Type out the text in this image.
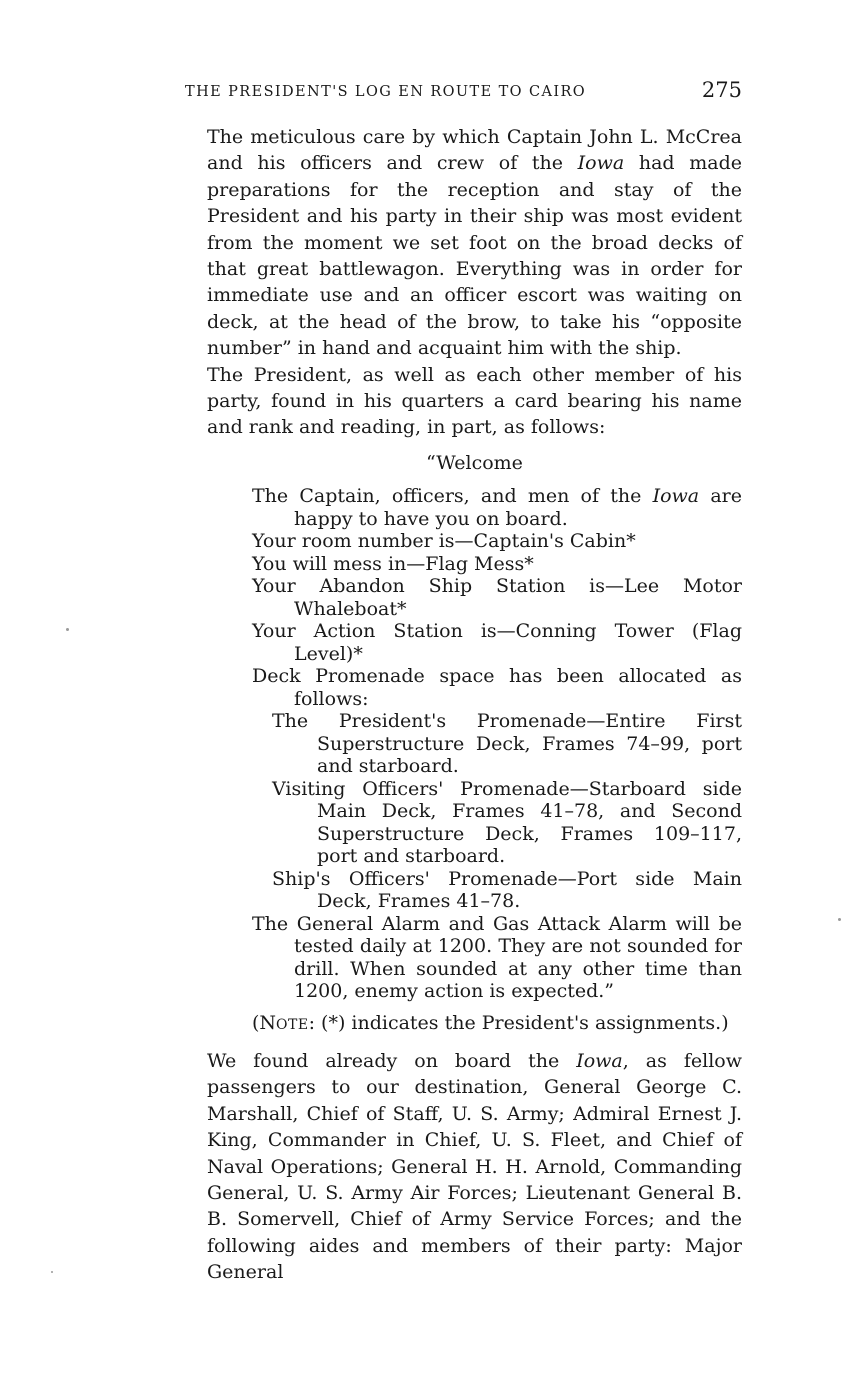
THE PRESIDENT'S LOG EN ROUTE TO CAIRO	275

The meticulous care by which Captain John L. McCrea and his officers and crew of the Iowa had made preparations for the reception and stay of the President and his party in their ship was most evident from the moment we set foot on the broad decks of that great battlewagon. Everything was in order for immediate use and an officer escort was waiting on deck, at the head of the brow, to take his “opposite number” in hand and acquaint him with the ship.

The President, as well as each other member of his party, found in his quarters a card bearing his name and rank and reading, in part, as follows:

“Welcome

The Captain, officers, and men of the Iowa are happy to have you on board.

Your room number is—Captain's Cabin*

You will mess in—Flag Mess*

Your Abandon Ship Station is—Lee Motor Whaleboat*

Your Action Station is—Conning Tower (Flag Level)*

Deck Promenade space has been allocated as follows:

The President's Promenade—Entire First Superstructure Deck, Frames 74–99, port and starboard.

Visiting Officers' Promenade—Starboard side Main Deck, Frames 41–78, and Second Superstructure Deck, Frames 109–117, port and starboard.

Ship's Officers' Promenade—Port side Main Deck, Frames 41–78.

The General Alarm and Gas Attack Alarm will be tested daily at 1200. They are not sounded for drill. When sounded at any other time than 1200, enemy action is expected.”

(NOTE: (*) indicates the President's assignments.)

We found already on board the Iowa, as fellow passengers to our destination, General George C. Marshall, Chief of Staff, U. S. Army; Admiral Ernest J. King, Commander in Chief, U. S. Fleet, and Chief of Naval Operations; General H. H. Arnold, Commanding General, U. S. Army Air Forces; Lieutenant General B. B. Somervell, Chief of Army Service Forces; and the following aides and members of their party: Major General
